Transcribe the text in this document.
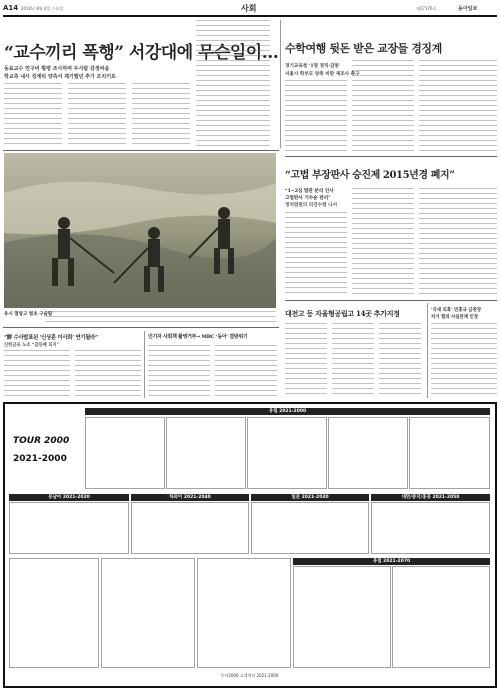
A14 2010년 8월 4일 수요일	사회	제27176호	동아일보
“교수끼리 폭행” 서강대에 무슨일이…
동료교수 연구비 횡령 조사하며 두사람 감정싸움
학교측 내사 징계뒤 양측서 제기했던 추가 조치키로
수학여행 뒷돈 받은 교장들 경징계
경기교육청 ‘1명 정직·감봉’
서울시 학부모 양측 비판 재조사 촉구
유시 멀랑고 벌초 구슬땀
“고법 부장판사 승진제 2015년경 폐지”
“1~2심 법관 분리 인사
고법판사 기수순 관리”
정치법원의 의견수렴 나서
대전고 등 자율형공립고 14곳 추가지정	‘국새 의혹’ 민홍규 금관장
자기 혐의 사실관계 인정
“鮮 수사발표된 ‘신상훈 이사회’ 연기될라”
신한금융 노조 “갈등해 되지”
민기자 사회책 촬영거부→ MBC ‘동아’ 결방위기
TOUR 2000
2021-2000
유럽 2021-2000
동남아 2021-2020	하와이 2021-2040	일본 2021-2030	대만/중국/홍콩 2021-2050
유럽 2021-2070
투어2000 고객센터 2021-2000
